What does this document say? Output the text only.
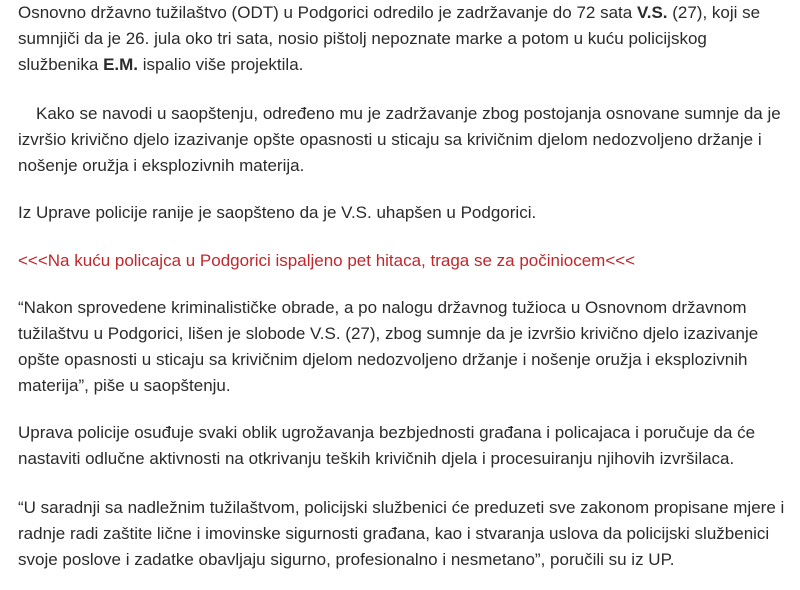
Osnovno državno tužilaštvo (ODT) u Podgorici odredilo je zadržavanje do 72 sata V.S. (27), koji se sumnjiči da je 26. jula oko tri sata, nosio pištolj nepoznate marke a potom u kuću policijskog službenika E.M. ispalio više projektila.

Kako se navodi u saopštenju, određeno mu je zadržavanje zbog postojanja osnovane sumnje da je izvršio krivično djelo izazivanje opšte opasnosti u sticaju sa krivičnim djelom nedozvoljeno držanje i nošenje oružja i eksplozivnih materija.

Iz Uprave policije ranije je saopšteno da je V.S. uhapšen u Podgorici.

<<<Na kuću policajca u Podgorici ispaljeno pet hitaca, traga se za počiniocem<<<

“Nakon sprovedene kriminalističke obrade, a po nalogu državnog tužioca u Osnovnom državnom tužilaštvu u Podgorici, lišen je slobode V.S. (27), zbog sumnje da je izvršio krivično djelo izazivanje opšte opasnosti u sticaju sa krivičnim djelom nedozvoljeno držanje i nošenje oružja i eksplozivnih materija”, piše u saopštenju.

Uprava policije osuđuje svaki oblik ugrožavanja bezbjednosti građana i policajaca i poručuje da će nastaviti odlučne aktivnosti na otkrivanju teških krivičnih djela i procesuiranju njihovih izvršilaca.

“U saradnji sa nadležnim tužilaštvom, policijski službenici će preduzeti sve zakonom propisane mjere i radnje radi zaštite lične i imovinske sigurnosti građana, kao i stvaranja uslova da policijski službenici svoje poslove i zadatke obavljaju sigurno, profesionalno i nesmetano”, poručili su iz UP.
